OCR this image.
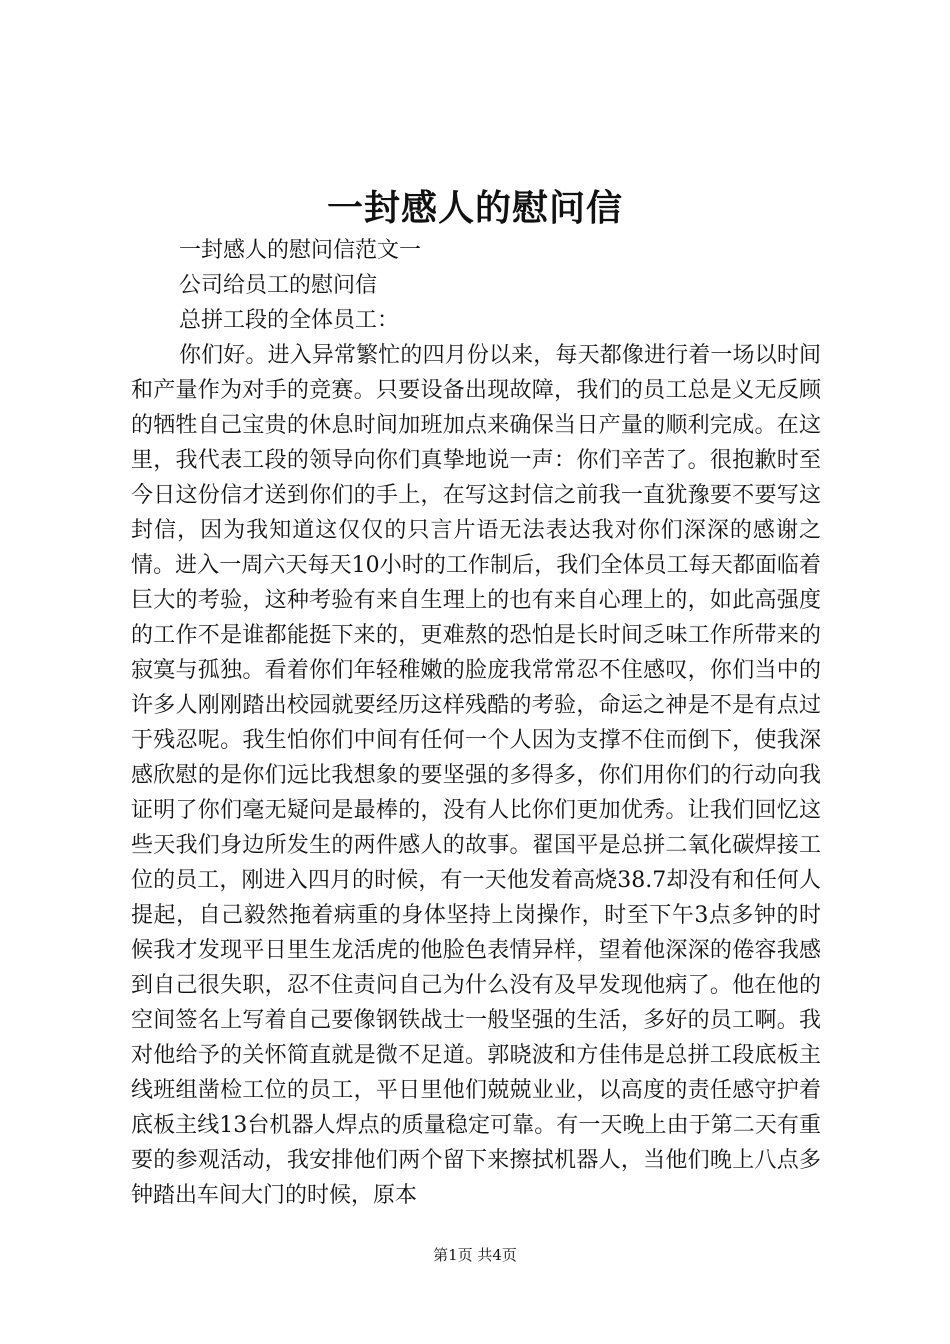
一封感人的慰问信

一封感人的慰问信范文一

公司给员工的慰问信

总拼工段的全体员工：

你们好。进入异常繁忙的四月份以来，每天都像进行着一场以时间和产量作为对手的竞赛。只要设备出现故障，我们的员工总是义无反顾的牺牲自己宝贵的休息时间加班加点来确保当日产量的顺利完成。在这里，我代表工段的领导向你们真挚地说一声：你们辛苦了。很抱歉时至今日这份信才送到你们的手上，在写这封信之前我一直犹豫要不要写这封信，因为我知道这仅仅的只言片语无法表达我对你们深深的感谢之情。进入一周六天每天10小时的工作制后，我们全体员工每天都面临着巨大的考验，这种考验有来自生理上的也有来自心理上的，如此高强度的工作不是谁都能挺下来的，更难熬的恐怕是长时间乏味工作所带来的寂寞与孤独。看着你们年轻稚嫩的脸庞我常常忍不住感叹，你们当中的许多人刚刚踏出校园就要经历这样残酷的考验，命运之神是不是有点过于残忍呢。我生怕你们中间有任何一个人因为支撑不住而倒下，使我深感欣慰的是你们远比我想象的要坚强的多得多，你们用你们的行动向我证明了你们毫无疑问是最棒的，没有人比你们更加优秀。让我们回忆这些天我们身边所发生的两件感人的故事。翟国平是总拼二氧化碳焊接工位的员工，刚进入四月的时候，有一天他发着高烧38.7却没有和任何人提起，自己毅然拖着病重的身体坚持上岗操作，时至下午3点多钟的时候我才发现平日里生龙活虎的他脸色表情异样，望着他深深的倦容我感到自己很失职，忍不住责问自己为什么没有及早发现他病了。他在他的空间签名上写着自己要像钢铁战士一般坚强的生活，多好的员工啊。我对他给予的关怀简直就是微不足道。郭晓波和方佳伟是总拼工段底板主线班组凿检工位的员工，平日里他们兢兢业业，以高度的责任感守护着底板主线13台机器人焊点的质量稳定可靠。有一天晚上由于第二天有重要的参观活动，我安排他们两个留下来擦拭机器人，当他们晚上八点多钟踏出车间大门的时候，原本

第1页 共4页
